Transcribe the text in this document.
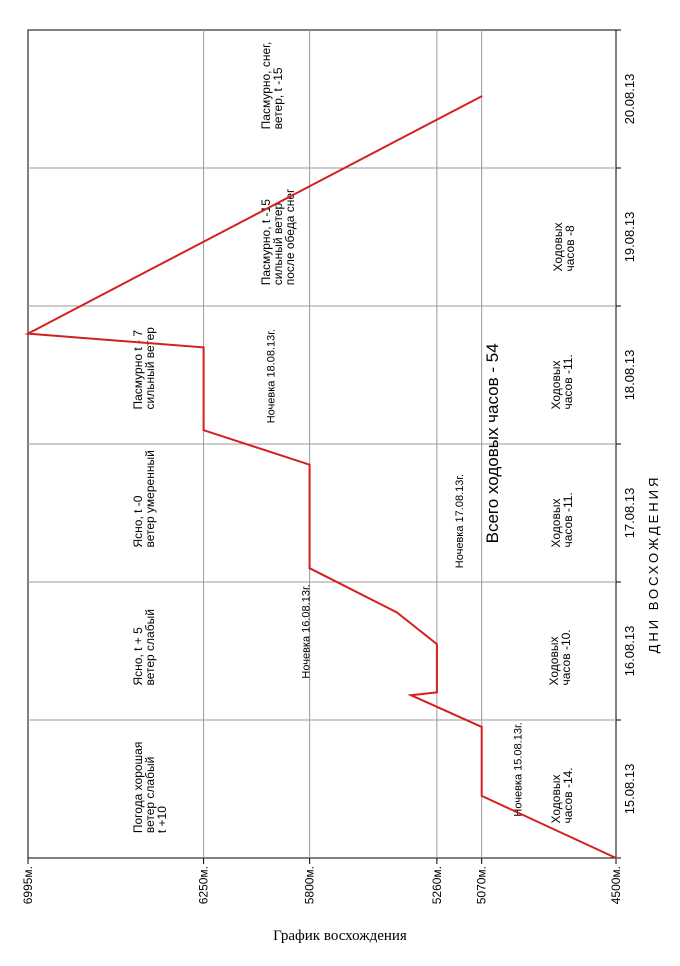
4500м.
5070м.
5260м.
5800м.
6250м.
6995м.
15.08.13
16.08.13
17.08.13
18.08.13
19.08.13
20.08.13
ДНИ ВОСХОЖДЕНИЯ
Погода хорошаяветер слабыйt +10
Ясно, t + 5ветер слабый
Ясно, t -0ветер умеренный
Пасмурно t - 7сильный ветер
Пасмурно, t -15сильный ветер,после обеда снег
Пасмурно, снег,ветер, t -15
Ходовыхчасов -14.
Ходовыхчасов -10.
Ходовыхчасов -11.
Ходовыхчасов -11.
Ходовыхчасов -8
Ночевка 15.08.13г.
Ночевка 16.08.13г.
Ночевка 17.08.13г.
Ночевка 18.08.13г.	Всего ходовых часов - 54
График восхождения
